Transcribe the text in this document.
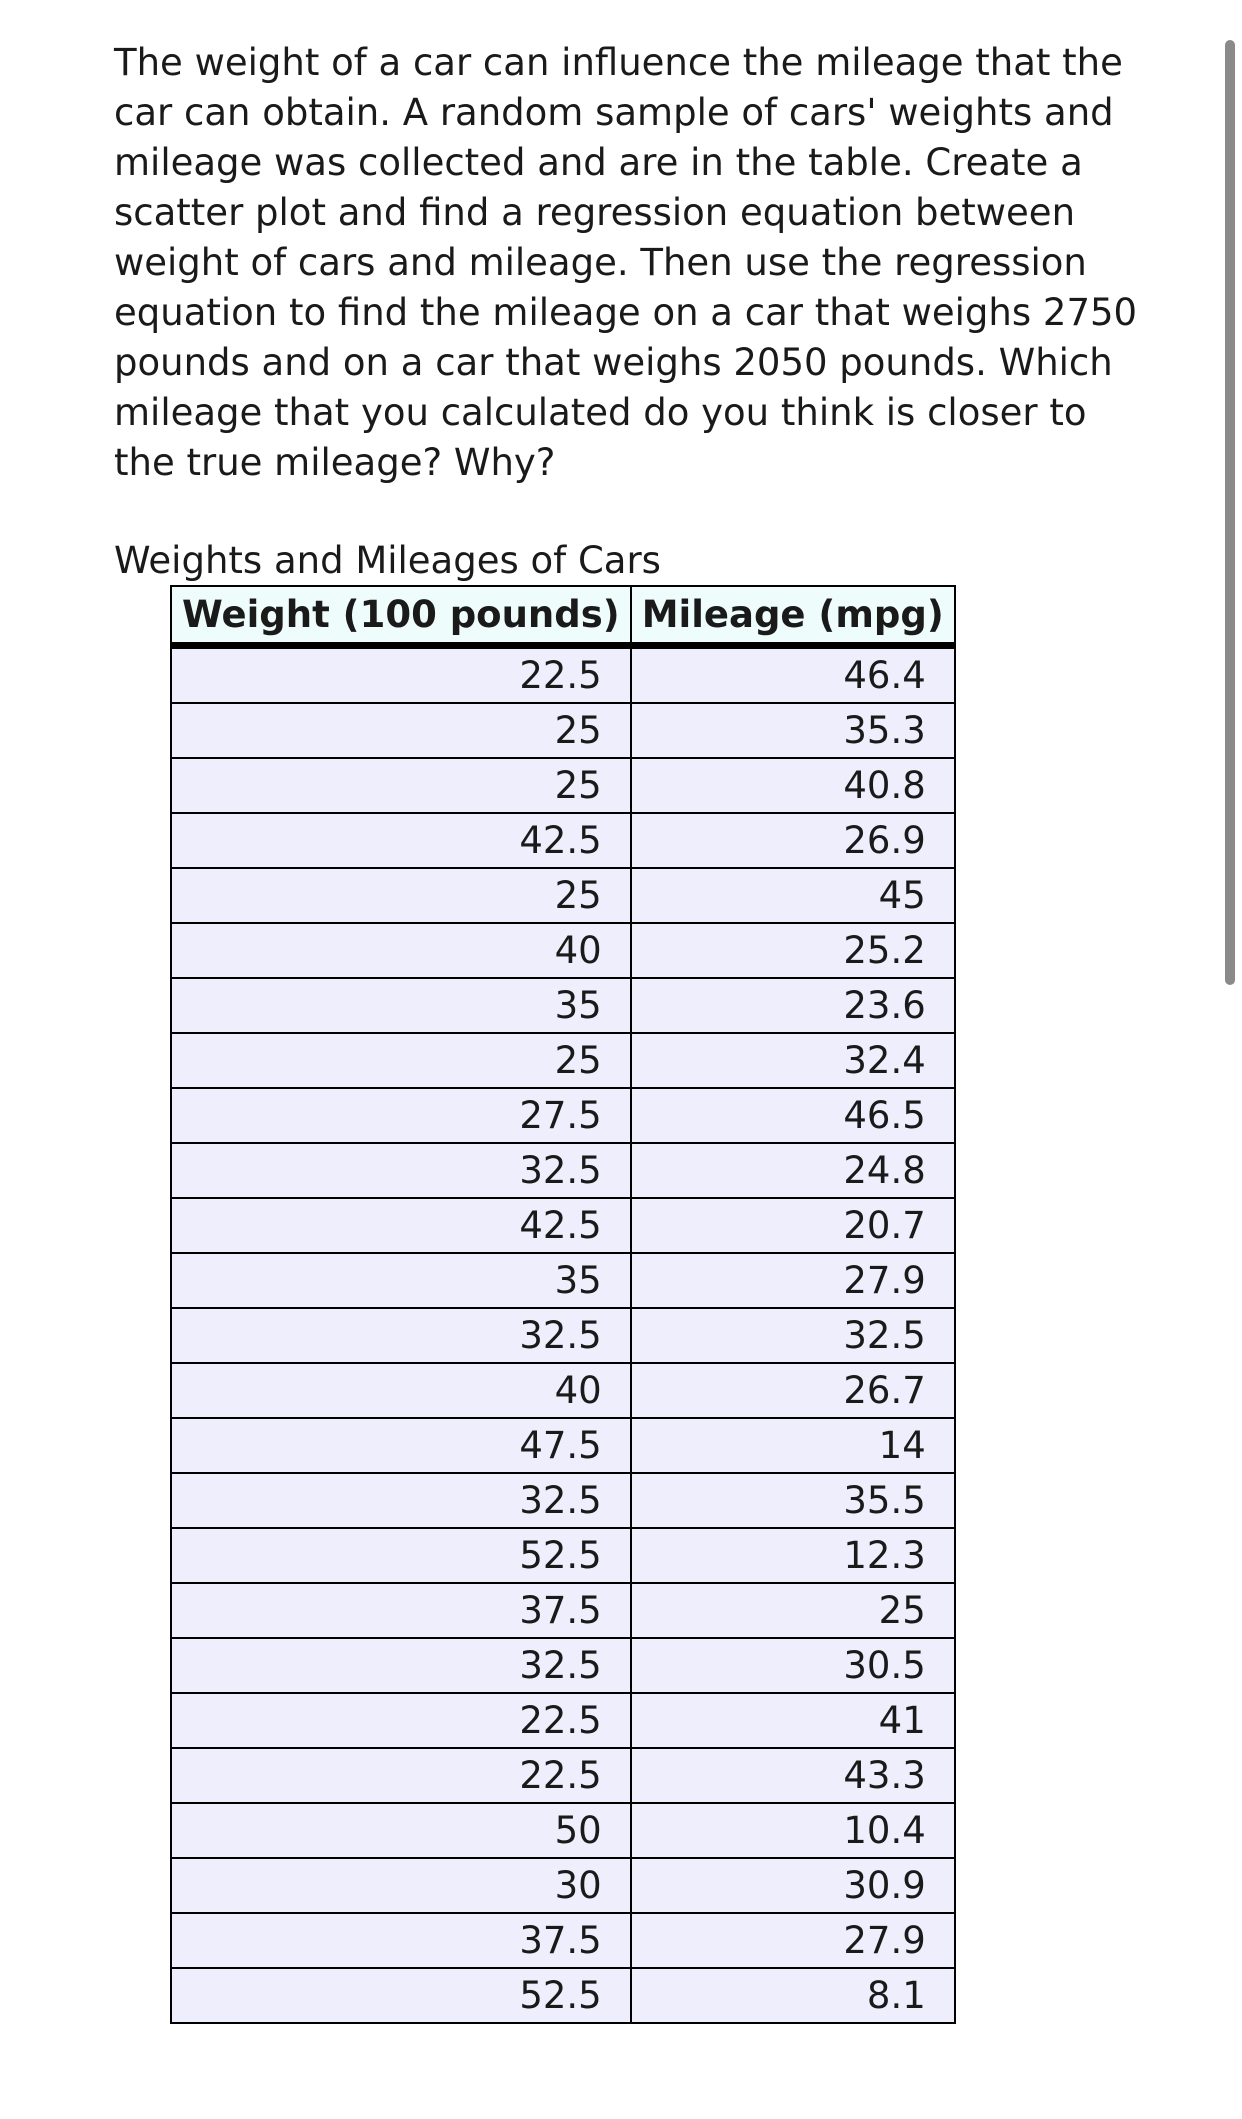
The weight of a car can influence the mileage that the car can obtain. A random sample of cars' weights and mileage was collected and are in the table. Create a scatter plot and find a regression equation between weight of cars and mileage. Then use the regression equation to find the mileage on a car that weighs 2750 pounds and on a car that weighs 2050 pounds. Which mileage that you calculated do you think is closer to the true mileage? Why?

Weights and Mileages of Cars

Weight (100 pounds)	Mileage (mpg)
22.5	46.4
25	35.3
25	40.8
42.5	26.9
25	45
40	25.2
35	23.6
25	32.4
27.5	46.5
32.5	24.8
42.5	20.7
35	27.9
32.5	32.5
40	26.7
47.5	14
32.5	35.5
52.5	12.3
37.5	25
32.5	30.5
22.5	41
22.5	43.3
50	10.4
30	30.9
37.5	27.9
52.5	8.1
